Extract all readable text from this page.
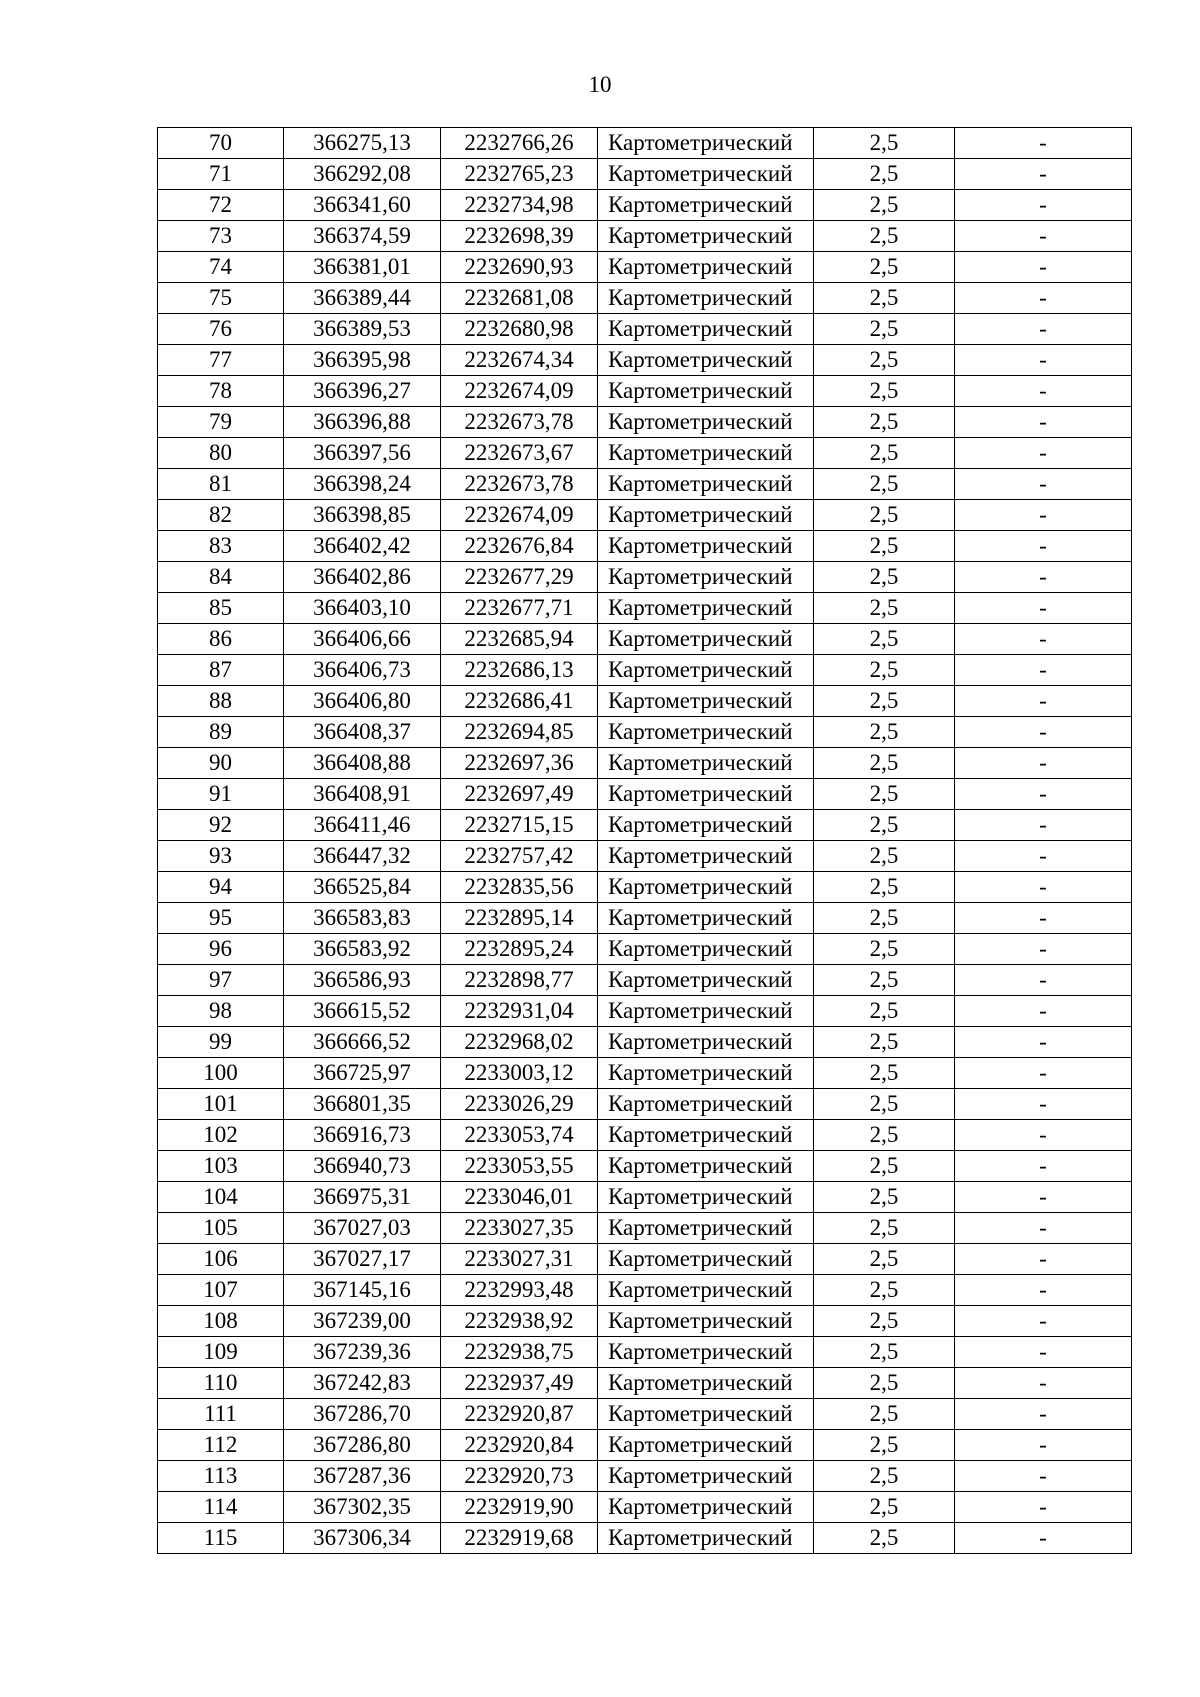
10
70	366275,13	2232766,26	Картометрический	2,5	-
71	366292,08	2232765,23	Картометрический	2,5	-
72	366341,60	2232734,98	Картометрический	2,5	-
73	366374,59	2232698,39	Картометрический	2,5	-
74	366381,01	2232690,93	Картометрический	2,5	-
75	366389,44	2232681,08	Картометрический	2,5	-
76	366389,53	2232680,98	Картометрический	2,5	-
77	366395,98	2232674,34	Картометрический	2,5	-
78	366396,27	2232674,09	Картометрический	2,5	-
79	366396,88	2232673,78	Картометрический	2,5	-
80	366397,56	2232673,67	Картометрический	2,5	-
81	366398,24	2232673,78	Картометрический	2,5	-
82	366398,85	2232674,09	Картометрический	2,5	-
83	366402,42	2232676,84	Картометрический	2,5	-
84	366402,86	2232677,29	Картометрический	2,5	-
85	366403,10	2232677,71	Картометрический	2,5	-
86	366406,66	2232685,94	Картометрический	2,5	-
87	366406,73	2232686,13	Картометрический	2,5	-
88	366406,80	2232686,41	Картометрический	2,5	-
89	366408,37	2232694,85	Картометрический	2,5	-
90	366408,88	2232697,36	Картометрический	2,5	-
91	366408,91	2232697,49	Картометрический	2,5	-
92	366411,46	2232715,15	Картометрический	2,5	-
93	366447,32	2232757,42	Картометрический	2,5	-
94	366525,84	2232835,56	Картометрический	2,5	-
95	366583,83	2232895,14	Картометрический	2,5	-
96	366583,92	2232895,24	Картометрический	2,5	-
97	366586,93	2232898,77	Картометрический	2,5	-
98	366615,52	2232931,04	Картометрический	2,5	-
99	366666,52	2232968,02	Картометрический	2,5	-
100	366725,97	2233003,12	Картометрический	2,5	-
101	366801,35	2233026,29	Картометрический	2,5	-
102	366916,73	2233053,74	Картометрический	2,5	-
103	366940,73	2233053,55	Картометрический	2,5	-
104	366975,31	2233046,01	Картометрический	2,5	-
105	367027,03	2233027,35	Картометрический	2,5	-
106	367027,17	2233027,31	Картометрический	2,5	-
107	367145,16	2232993,48	Картометрический	2,5	-
108	367239,00	2232938,92	Картометрический	2,5	-
109	367239,36	2232938,75	Картометрический	2,5	-
110	367242,83	2232937,49	Картометрический	2,5	-
111	367286,70	2232920,87	Картометрический	2,5	-
112	367286,80	2232920,84	Картометрический	2,5	-
113	367287,36	2232920,73	Картометрический	2,5	-
114	367302,35	2232919,90	Картометрический	2,5	-
115	367306,34	2232919,68	Картометрический	2,5	-
